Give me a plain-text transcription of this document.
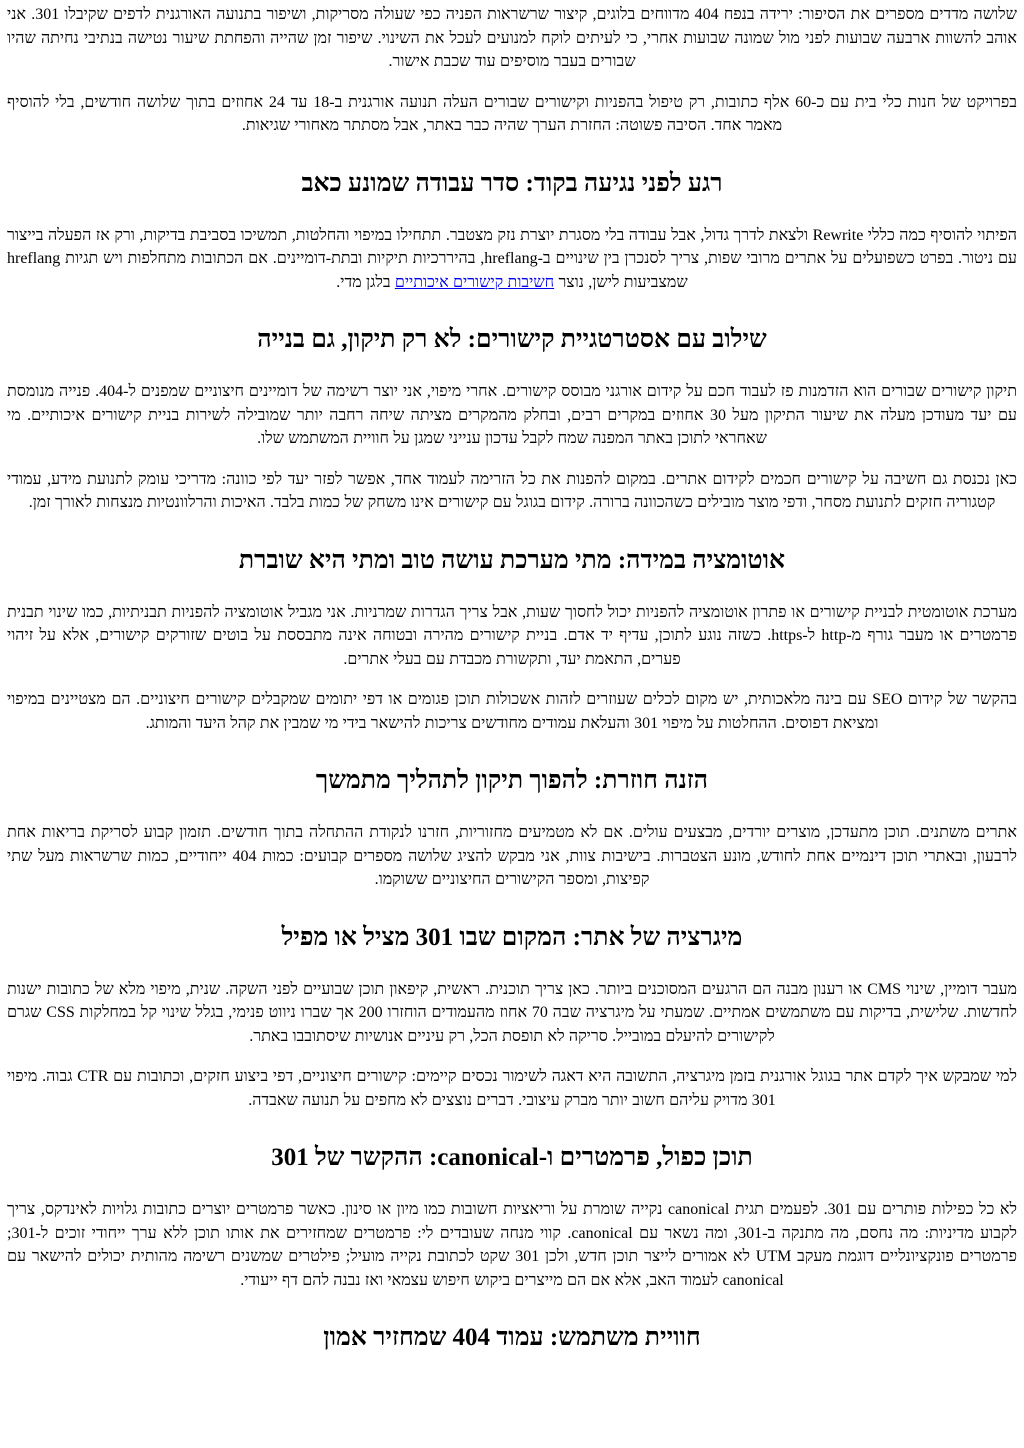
שלושה מדדים מספרים את הסיפור: ירידה בנפח 404 מדווחים בלוגים, קיצור שרשראות הפניה כפי שעולה מסריקות, ושיפור בתנועה האורגנית לדפים שקיבלו 301. אני אוהב להשוות ארבעה שבועות לפני מול שמונה שבועות אחרי, כי לעיתים לוקח למנועים לעכל את השינוי. שיפור זמן שהייה והפחתת שיעור נטישה בנתיבי נחיתה שהיו שבורים בעבר מוסיפים עוד שכבת אישור.

בפרויקט של חנות כלי בית עם כ-60 אלף כתובות, רק טיפול בהפניות וקישורים שבורים העלה תנועה אורגנית ב-18 עד 24 אחוזים בתוך שלושה חודשים, בלי להוסיף מאמר אחד. הסיבה פשוטה: החזרת הערך שהיה כבר באתר, אבל מסתתר מאחורי שגיאות.

רגע לפני נגיעה בקוד: סדר עבודה שמונע כאב

הפיתוי להוסיף כמה כללי Rewrite ולצאת לדרך גדול, אבל עבודה בלי מסגרת יוצרת נזק מצטבר. תתחילו במיפוי והחלטות, תמשיכו בסביבת בדיקות, ורק אז הפעלה בייצור עם ניטור. בפרט כשפועלים על אתרים מרובי שפות, צריך לסנכרן בין שינויים ב-hreflang, בהיררכיות תיקיות ובתת-דומיינים. אם הכתובות מתחלפות ויש תגיות hreflang שמצביעות לישן, נוצר חשיבות קישורים איכותיים בלגן מדי.

שילוב עם אסטרטגיית קישורים: לא רק תיקון, גם בנייה

תיקון קישורים שבורים הוא הזדמנות פז לעבוד חכם על קידום אורגני מבוסס קישורים. אחרי מיפוי, אני יוצר רשימה של דומיינים חיצוניים שמפנים ל-404. פנייה מנומסת עם יעד מעודכן מעלה את שיעור התיקון מעל 30 אחוזים במקרים רבים, ובחלק מהמקרים מציתה שיחה רחבה יותר שמובילה לשירות בניית קישורים איכותיים. מי שאחראי לתוכן באתר המפנה שמח לקבל עדכון ענייני שמגן על חוויית המשתמש שלו.

כאן נכנסת גם חשיבה על קישורים חכמים לקידום אתרים. במקום להפנות את כל הזרימה לעמוד אחד, אפשר לפזר יעד לפי כוונה: מדריכי עומק לתנועת מידע, עמודי קטגוריה חזקים לתנועת מסחר, ודפי מוצר מובילים כשהכוונה ברורה. קידום בגוגל עם קישורים אינו משחק של כמות בלבד. האיכות והרלוונטיות מנצחות לאורך זמן.

אוטומציה במידה: מתי מערכת עושה טוב ומתי היא שוברת

מערכת אוטומטית לבניית קישורים או פתרון אוטומציה להפניות יכול לחסוך שעות, אבל צריך הגדרות שמרניות. אני מגביל אוטומציה להפניות תבניתיות, כמו שינוי תבנית פרמטרים או מעבר גורף מ-http ל-https. כשזה נוגע לתוכן, עדיף יד אדם. בניית קישורים מהירה ובטוחה אינה מתבססת על בוטים שזורקים קישורים, אלא על זיהוי פערים, התאמת יעד, ותקשורת מכבדת עם בעלי אתרים.

בהקשר של קידום SEO עם בינה מלאכותית, יש מקום לכלים שעוזרים לזהות אשכולות תוכן פגומים או דפי יתומים שמקבלים קישורים חיצוניים. הם מצטיינים במיפוי ומציאת דפוסים. ההחלטות על מיפוי 301 והעלאת עמודים מחודשים צריכות להישאר בידי מי שמבין את קהל היעד והמותג.

הזנה חוזרת: להפוך תיקון לתהליך מתמשך

אתרים משתנים. תוכן מתעדכן, מוצרים יורדים, מבצעים עולים. אם לא מטמיעים מחזוריות, חזרנו לנקודת ההתחלה בתוך חודשים. תזמון קבוע לסריקת בריאות אחת לרבעון, ובאתרי תוכן דינמיים אחת לחודש, מונע הצטברות. בישיבות צוות, אני מבקש להציג שלושה מספרים קבועים: כמות 404 ייחודיים, כמות שרשראות מעל שתי קפיצות, ומספר הקישורים החיצוניים ששוקמו.

מיגרציה של אתר: המקום שבו 301 מציל או מפיל

מעבר דומיין, שינוי CMS או רענון מבנה הם הרגעים המסוכנים ביותר. כאן צריך תוכנית. ראשית, קיפאון תוכן שבועיים לפני השקה. שנית, מיפוי מלא של כתובות ישנות לחדשות. שלישית, בדיקות עם משתמשים אמתיים. שמעתי על מיגרציה שבה 70 אחוז מהעמודים הוחזרו 200 אך שברו ניווט פנימי, בגלל שינוי קל במחלקות CSS שגרם לקישורים להיעלם במובייל. סריקה לא תופסת הכל, רק עיניים אנושיות שיסתובבו באתר.

למי שמבקש איך לקדם אתר בגוגל אורגנית בזמן מיגרציה, התשובה היא דאגה לשימור נכסים קיימים: קישורים חיצוניים, דפי ביצוע חזקים, וכתובות עם CTR גבוה. מיפוי 301 מדויק עליהם חשוב יותר מברק עיצובי. דברים נוצצים לא מחפים על תנועה שאבדה.

תוכן כפול, פרמטרים ו-canonical: ההקשר של 301

לא כל כפילות פותרים עם 301. לפעמים תגית canonical נקייה שומרת על וריאציות חשובות כמו מיון או סינון. כאשר פרמטרים יוצרים כתובות גלויות לאינדקס, צריך לקבוע מדיניות: מה נחסם, מה מתנקה ב-301, ומה נשאר עם canonical. קווי מנחה שעובדים לי: פרמטרים שמחזירים את אותו תוכן ללא ערך ייחודי זוכים ל-301; פרמטרים פונקציונליים דוגמת מעקב UTM לא אמורים לייצר תוכן חדש, ולכן 301 שקט לכתובת נקייה מועיל; פילטרים שמשנים רשימה מהותית יכולים להישאר עם canonical לעמוד האב, אלא אם הם מייצרים ביקוש חיפוש עצמאי ואז נבנה להם דף ייעודי.

חוויית משתמש: עמוד 404 שמחזיר אמון
